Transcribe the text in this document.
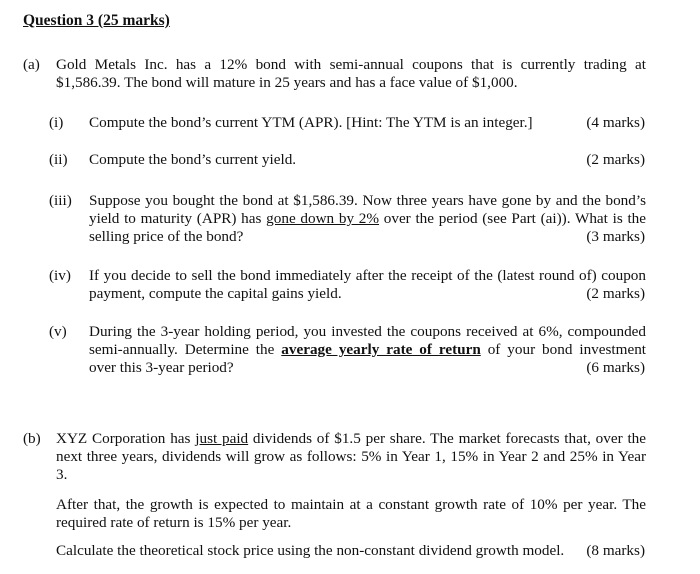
Question 3 (25 marks)
(a) Gold Metals Inc. has a 12% bond with semi-annual coupons that is currently trading at
$1,586.39. The bond will mature in 25 years and has a face value of $1,000.
(i) Compute the bond’s current YTM (APR). [Hint: The YTM is an integer.]	(4 marks)
(ii) Compute the bond’s current yield.	(2 marks)
(iii) Suppose you bought the bond at $1,586.39. Now three years have gone by and the bond’s
yield to maturity (APR) has gone down by 2% over the period (see Part (ai)). What is the
selling price of the bond?	(3 marks)
(iv) If you decide to sell the bond immediately after the receipt of the (latest round of) coupon
payment, compute the capital gains yield.	(2 marks)
(v) During the 3-year holding period, you invested the coupons received at 6%, compounded
semi-annually. Determine the average yearly rate of return of your bond investment
over this 3-year period?	(6 marks)
(b) XYZ Corporation has just paid dividends of $1.5 per share. The market forecasts that, over the
next three years, dividends will grow as follows: 5% in Year 1, 15% in Year 2 and 25% in Year
3.
After that, the growth is expected to maintain at a constant growth rate of 10% per year. The
required rate of return is 15% per year.
Calculate the theoretical stock price using the non-constant dividend growth model. (8 marks)
